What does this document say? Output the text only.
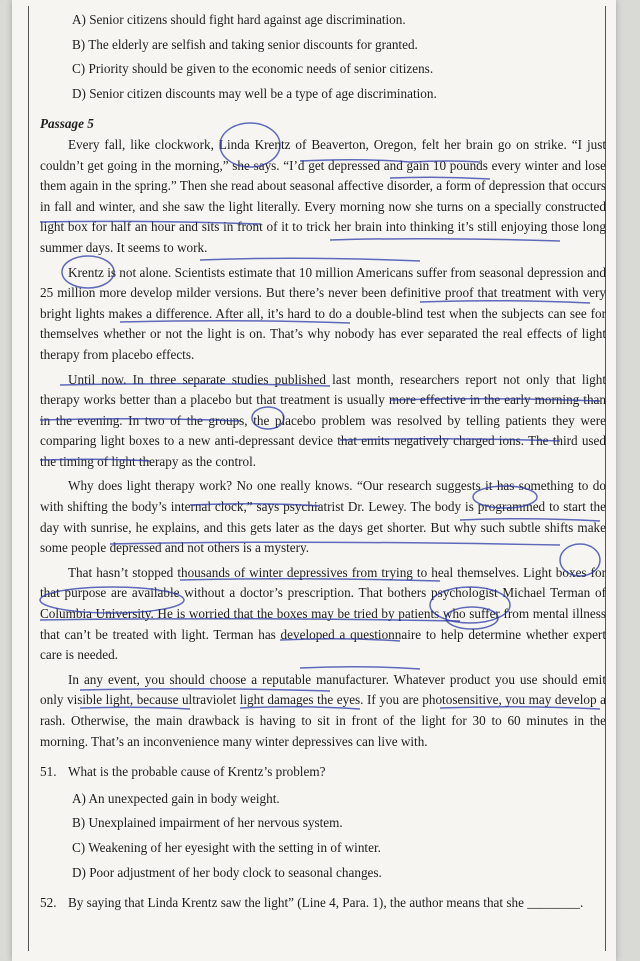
A) Senior citizens should fight hard against age discrimination.

B) The elderly are selfish and taking senior discounts for granted.

C) Priority should be given to the economic needs of senior citizens.

D) Senior citizen discounts may well be a type of age discrimination.

Passage 5

Every fall, like clockwork, Linda Krentz of Beaverton, Oregon, felt her brain go on strike. “I just couldn’t get going in the morning,” she says. “I’d get depressed and gain 10 pounds every winter and lose them again in the spring.” Then she read about seasonal affective disorder, a form of depression that occurs in fall and winter, and she saw the light literally. Every morning now she turns on a specially constructed light box for half an hour and sits in front of it to trick her brain into thinking it’s still enjoying those long summer days. It seems to work.

Krentz is not alone. Scientists estimate that 10 million Americans suffer from seasonal depression and 25 million more develop milder versions. But there’s never been definitive proof that treatment with very bright lights makes a difference. After all, it’s hard to do a double-blind test when the subjects can see for themselves whether or not the light is on. That’s why nobody has ever separated the real effects of light therapy from placebo effects.

Until now. In three separate studies published last month, researchers report not only that light therapy works better than a placebo but that treatment is usually more effective in the early morning than in the evening. In two of the groups, the placebo problem was resolved by telling patients they were comparing light boxes to a new anti-depressant device that emits negatively charged ions. The third used the timing of light therapy as the control.

Why does light therapy work? No one really knows. “Our research suggests it has something to do with shifting the body’s internal clock,” says psychiatrist Dr. Lewey. The body is programmed to start the day with sunrise, he explains, and this gets later as the days get shorter. But why such subtle shifts make some people depressed and not others is a mystery.

That hasn’t stopped thousands of winter depressives from trying to heal themselves. Light boxes for that purpose are available without a doctor’s prescription. That bothers psychologist Michael Terman of Columbia University. He is worried that the boxes may be tried by patients who suffer from mental illness that can’t be treated with light. Terman has developed a questionnaire to help determine whether expert care is needed.

In any event, you should choose a reputable manufacturer. Whatever product you use should emit only visible light, because ultraviolet light damages the eyes. If you are photosensitive, you may develop a rash. Otherwise, the main drawback is having to sit in front of the light for 30 to 60 minutes in the morning. That’s an inconvenience many winter depressives can live with.

51. What is the probable cause of Krentz’s problem?

A) An unexpected gain in body weight.

B) Unexplained impairment of her nervous system.

C) Weakening of her eyesight with the setting in of winter.

D) Poor adjustment of her body clock to seasonal changes.

52. By saying that Linda Krentz saw the light” (Line 4, Para. 1), the author means that she ________.
